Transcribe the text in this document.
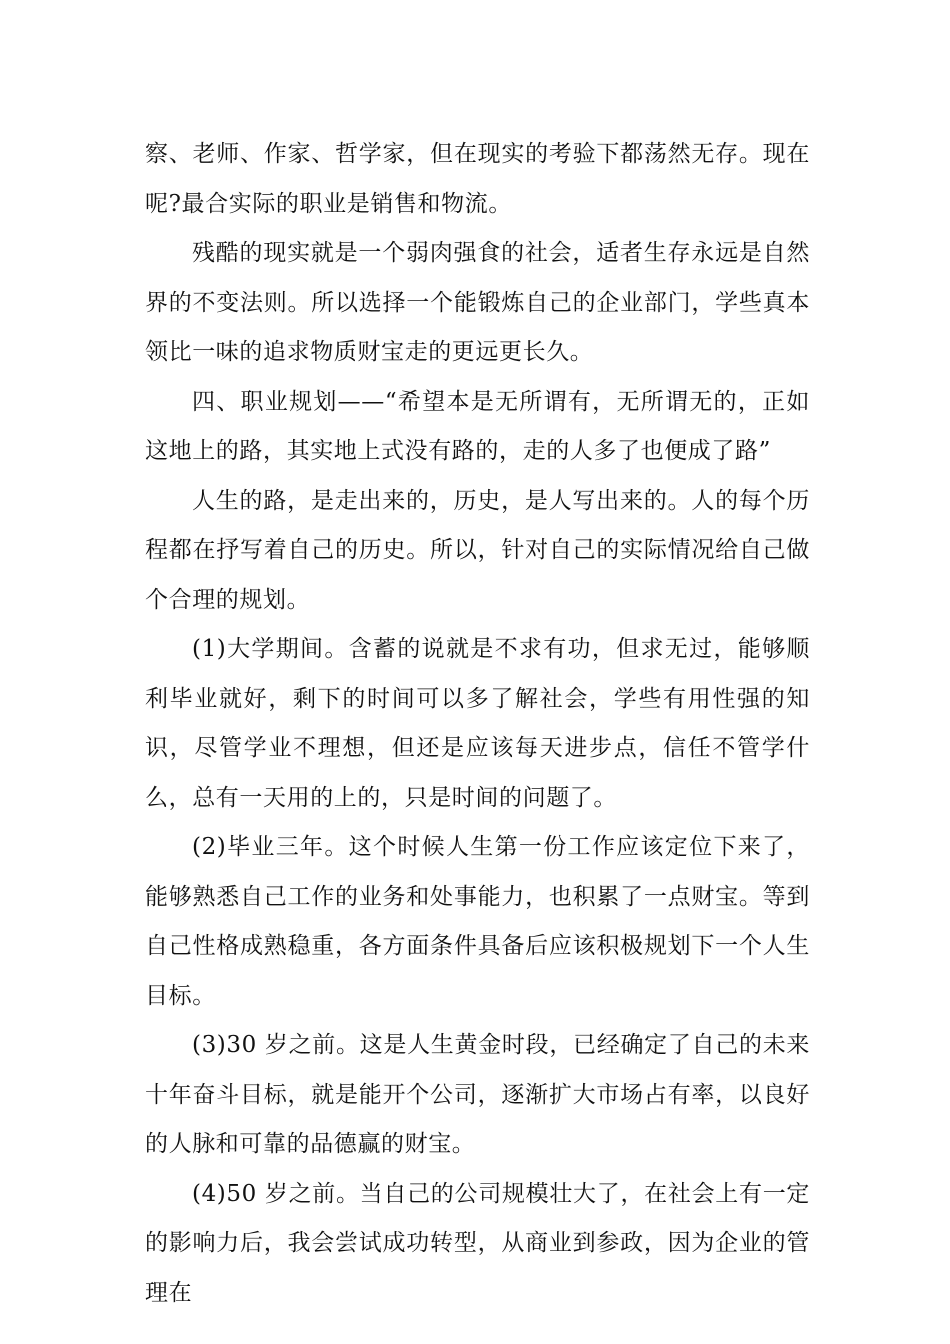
察、老师、作家、哲学家，但在现实的考验下都荡然无存。现在呢?最合实际的职业是销售和物流。

残酷的现实就是一个弱肉强食的社会，适者生存永远是自然界的不变法则。所以选择一个能锻炼自己的企业部门，学些真本领比一味的追求物质财宝走的更远更长久。

四、职业规划——“希望本是无所谓有，无所谓无的，正如这地上的路，其实地上式没有路的，走的人多了也便成了路”

人生的路，是走出来的，历史，是人写出来的。人的每个历程都在抒写着自己的历史。所以，针对自己的实际情况给自己做个合理的规划。

(1)大学期间。含蓄的说就是不求有功，但求无过，能够顺利毕业就好，剩下的时间可以多了解社会，学些有用性强的知识，尽管学业不理想，但还是应该每天进步点，信任不管学什么，总有一天用的上的，只是时间的问题了。

(2)毕业三年。这个时候人生第一份工作应该定位下来了，能够熟悉自己工作的业务和处事能力，也积累了一点财宝。等到自己性格成熟稳重，各方面条件具备后应该积极规划下一个人生目标。

(3)30 岁之前。这是人生黄金时段，已经确定了自己的未来十年奋斗目标，就是能开个公司，逐渐扩大市场占有率，以良好的人脉和可靠的品德赢的财宝。

(4)50 岁之前。当自己的公司规模壮大了，在社会上有一定的影响力后，我会尝试成功转型，从商业到参政，因为企业的管理在
